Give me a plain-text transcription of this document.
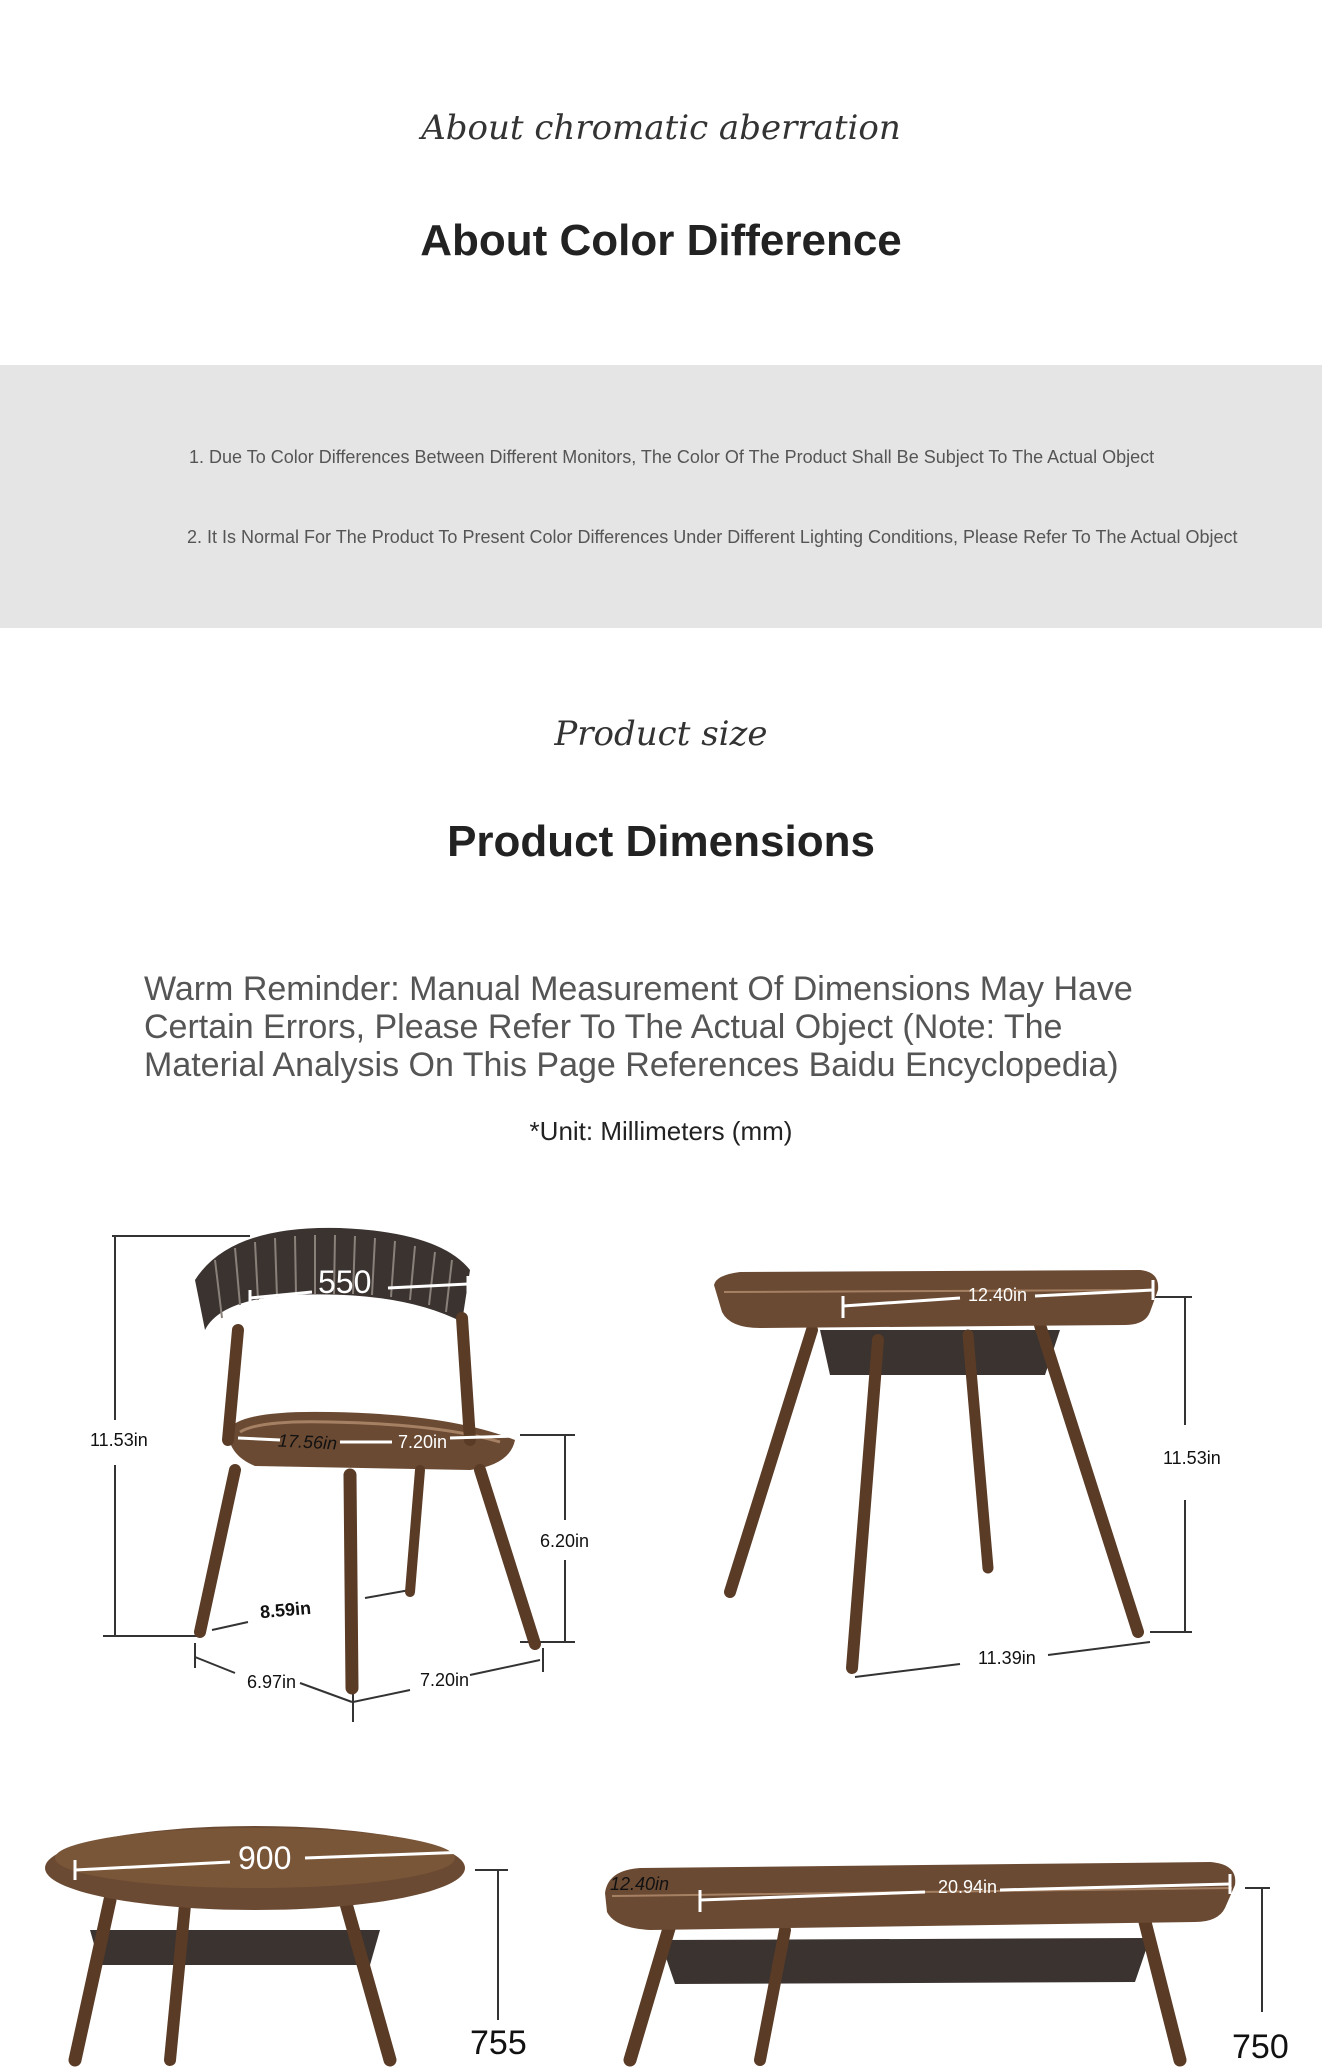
About chromatic aberration
About Color Difference
1. Due To Color Differences Between Different Monitors, The Color Of The Product Shall Be Subject To The Actual Object
2. It Is Normal For The Product To Present Color Differences Under Different Lighting Conditions, Please Refer To The Actual Object
Product size
Product Dimensions
Warm Reminder: Manual Measurement Of Dimensions May Have Certain Errors, Please Refer To The Actual Object (Note: The Material Analysis On This Page References Baidu Encyclopedia)
*Unit: Millimeters (mm)
550
11.53in	17.56in	7.20in
6.20in
8.59in
6.97in	7.20in
12.40in
11.53in
11.39in
900
755
12.40in	20.94in
750
